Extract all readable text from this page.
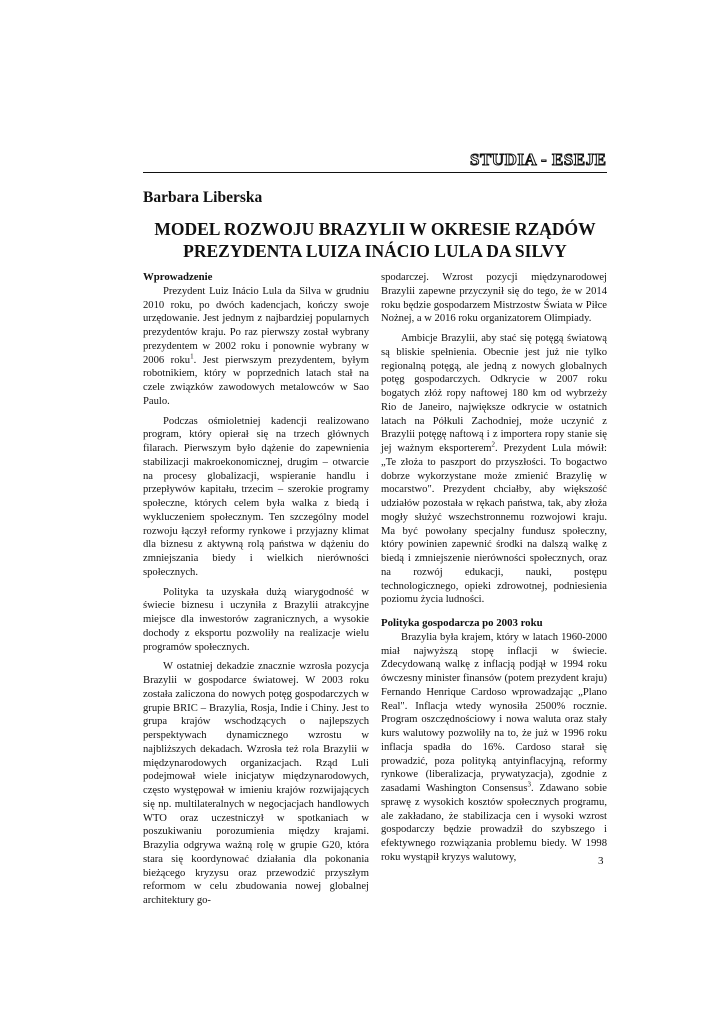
STUDIA - ESEJE
Barbara Liberska
MODEL ROZWOJU BRAZYLII W OKRESIE RZĄDÓW
PREZYDENTA LUIZA INÁCIO LULA DA SILVY
Wprowadzenie

Prezydent Luiz Inácio Lula da Silva w grudniu 2010 roku, po dwóch kadencjach, kończy swoje urzędowanie. Jest jednym z najbardziej popularnych prezydentów kraju. Po raz pierwszy został wybrany prezydentem w 2002 roku i ponownie wybrany w 2006 roku$^1$. Jest pierwszym prezydentem, byłym robotnikiem, który w poprzednich latach stał na czele związków zawodowych metalowców w Sao Paulo.

Podczas ośmioletniej kadencji realizowano program, który opierał się na trzech głównych filarach. Pierwszym było dążenie do zapewnienia stabilizacji makroekonomicznej, drugim – otwarcie na procesy globalizacji, wspieranie handlu i przepływów kapitału, trzecim – szerokie programy społeczne, których celem była walka z biedą i wykluczeniem społecznym. Ten szczególny model rozwoju łączył reformy rynkowe i przyjazny klimat dla biznesu z aktywną rolą państwa w dążeniu do zmniejszania biedy i wielkich nierówności społecznych.

Polityka ta uzyskała dużą wiarygodność w świecie biznesu i uczyniła z Brazylii atrakcyjne miejsce dla inwestorów zagranicznych, a wysokie dochody z eksportu pozwoliły na realizacje wielu programów społecznych.

W ostatniej dekadzie znacznie wzrosła pozycja Brazylii w gospodarce światowej. W 2003 roku została zaliczona do nowych potęg gospodarczych w grupie BRIC – Brazylia, Rosja, Indie i Chiny. Jest to grupa krajów wschodzących o najlepszych perspektywach dynamicznego wzrostu w najbliższych dekadach. Wzrosła też rola Brazylii w międzynarodowych organizacjach. Rząd Luli podejmował wiele inicjatyw międzynarodowych, często występował w imieniu krajów rozwijających się np. multilateralnych w negocjacjach handlowych WTO oraz uczestniczył w spotkaniach w poszukiwaniu porozumienia między krajami. Brazylia odgrywa ważną rolę w grupie G20, która stara się koordynować działania dla pokonania bieżącego kryzysu oraz przewodzić przyszłym reformom w celu zbudowania nowej globalnej architektury go-

spodarczej. Wzrost pozycji międzynarodowej Brazylii zapewne przyczynił się do tego, że w 2014 roku będzie gospodarzem Mistrzostw Świata w Piłce Nożnej, a w 2016 roku organizatorem Olimpiady.

Ambicje Brazylii, aby stać się potęgą światową są bliskie spełnienia. Obecnie jest już nie tylko regionalną potęgą, ale jedną z nowych globalnych potęg gospodarczych. Odkrycie w 2007 roku bogatych złóż ropy naftowej 180 km od wybrzeży Rio de Janeiro, największe odkrycie w ostatnich latach na Półkuli Zachodniej, może uczynić z Brazylii potęgę naftową i z importera ropy stanie się jej ważnym eksporterem$^2$. Prezydent Lula mówił: „Te złoża to paszport do przyszłości. To bogactwo dobrze wykorzystane może zmienić Brazylię w mocarstwo". Prezydent chciałby, aby większość udziałów pozostała w rękach państwa, tak, aby złoża mogły służyć wszechstronnemu rozwojowi kraju. Ma być powołany specjalny fundusz społeczny, który powinien zapewnić środki na dalszą walkę z biedą i zmniejszenie nierówności społecznych, oraz na rozwój edukacji, nauki, postępu technologicznego, opieki zdrowotnej, podniesienia poziomu życia ludności.

Polityka gospodarcza po 2003 roku

Brazylia była krajem, który w latach 1960-2000 miał najwyższą stopę inflacji w świecie. Zdecydowaną walkę z inflacją podjął w 1994 roku ówczesny minister finansów (potem prezydent kraju) Fernando Henrique Cardoso wprowadzając „Plano Real". Inflacja wtedy wynosiła 2500% rocznie. Program oszczędnościowy i nowa waluta oraz stały kurs walutowy pozwoliły na to, że już w 1996 roku inflacja spadła do 16%. Cardoso starał się prowadzić, poza polityką antyinflacyjną, reformy rynkowe (liberalizacja, prywatyzacja), zgodnie z zasadami Washington Consensus$^3$. Zdawano sobie sprawę z wysokich kosztów społecznych programu, ale zakładano, że stabilizacja cen i wysoki wzrost gospodarczy będzie prowadził do szybszego i efektywnego rozwiązania problemu biedy. W 1998 roku wystąpił kryzys walutowy,	3
